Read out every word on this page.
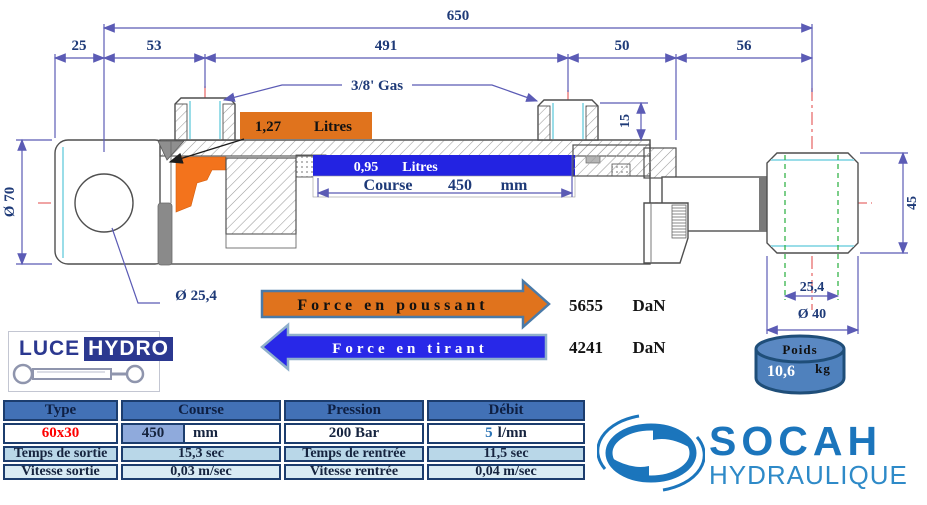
650
25	53	491	50	56
Ø 70
Ø 25,4
3/8' Gas
15
45
25,4
Ø 40
1,27 Litres
0,95 Litres
Course 450 mm
Force en poussant	5655 DaN
Force en tirant	4241 DaN	Poids
10,6 kg
LUCE HYDRO
Type	Course	Pression	Débit
60x30	450	mm	200 Bar	5 l/mn
Temps de sortie	15,3 sec	Temps de rentrée	11,5 sec
Vitesse sortie	0,03 m/sec	Vitesse rentrée	0,04 m/sec
SOCAH
HYDRAULIQUE
